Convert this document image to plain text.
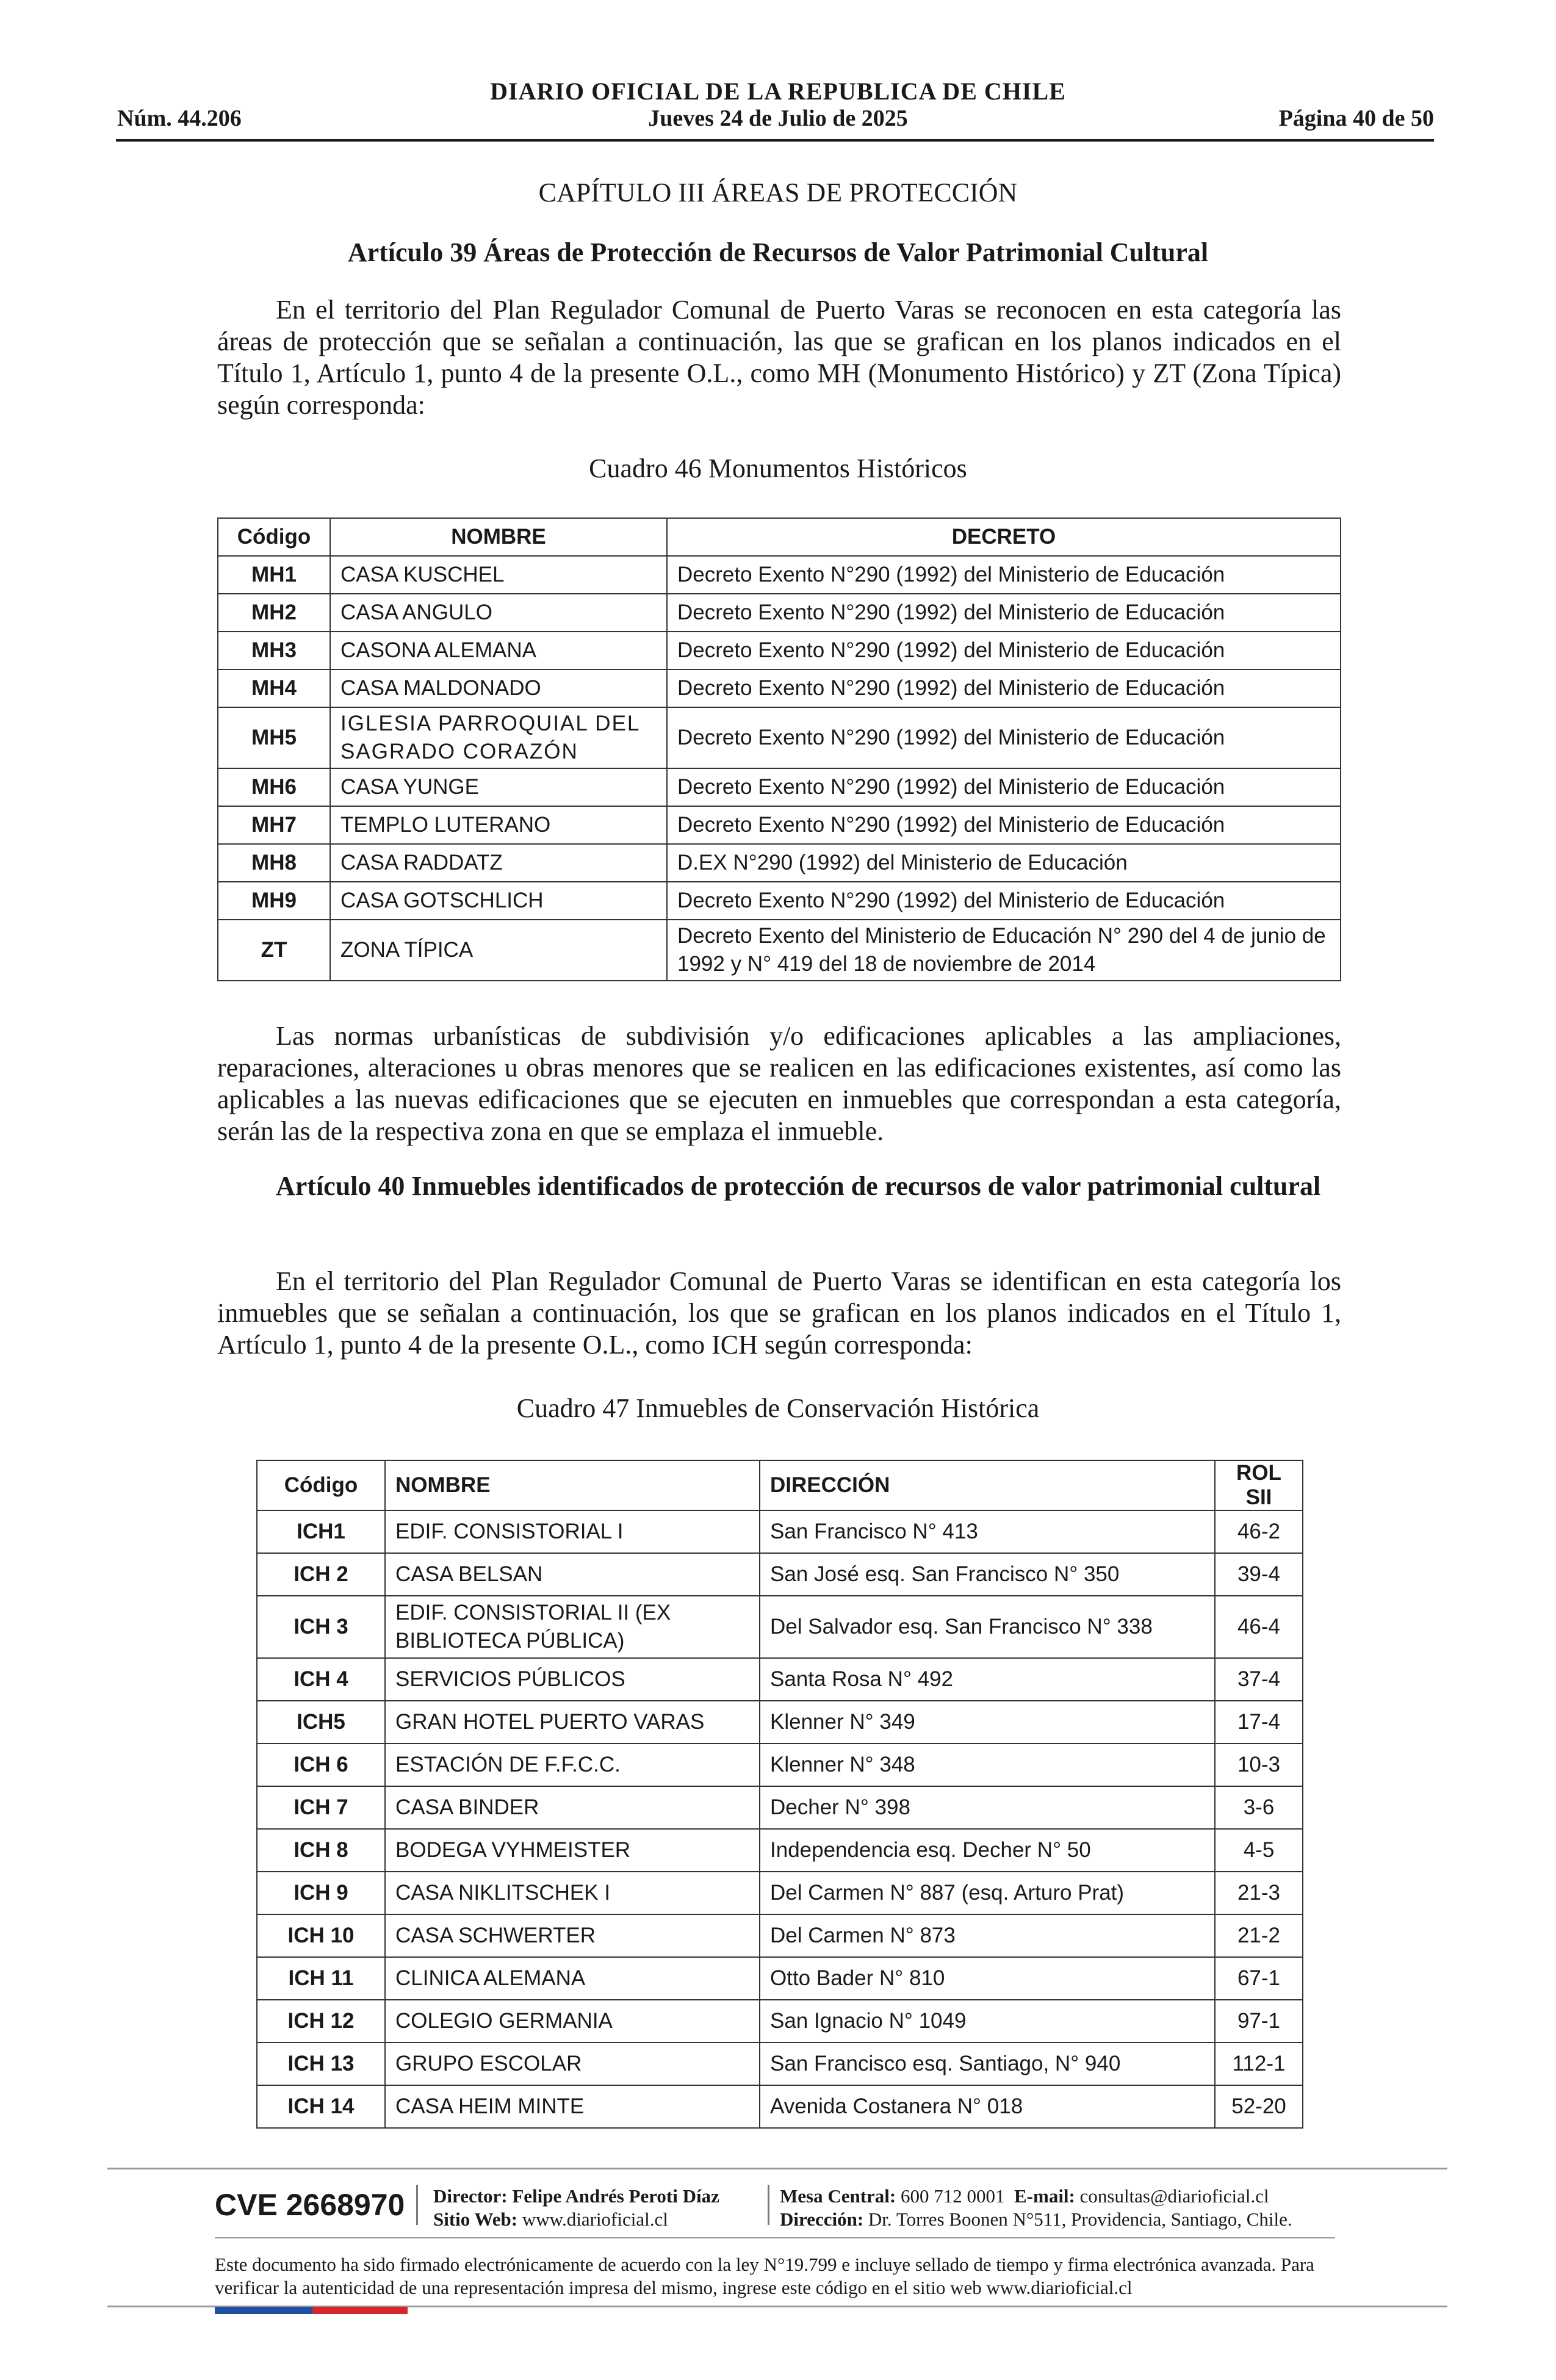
DIARIO OFICIAL DE LA REPUBLICA DE CHILE
Núm. 44.206	Jueves 24 de Julio de 2025	Página 40 de 50
CAPÍTULO III ÁREAS DE PROTECCIÓN
Artículo 39 Áreas de Protección de Recursos de Valor Patrimonial Cultural
En el territorio del Plan Regulador Comunal de Puerto Varas se reconocen en esta categoría las áreas de protección que se señalan a continuación, las que se grafican en los planos indicados en el Título 1, Artículo 1, punto 4 de la presente O.L., como MH (Monumento Histórico) y ZT (Zona Típica) según corresponda:
Cuadro 46 Monumentos Históricos
Código	NOMBRE	DECRETO
MH1	CASA KUSCHEL	Decreto Exento N°290 (1992) del Ministerio de Educación
MH2	CASA ANGULO	Decreto Exento N°290 (1992) del Ministerio de Educación
MH3	CASONA ALEMANA	Decreto Exento N°290 (1992) del Ministerio de Educación
MH4	CASA MALDONADO	Decreto Exento N°290 (1992) del Ministerio de Educación
MH5	IGLESIA PARROQUIAL DEL SAGRADO CORAZÓN	Decreto Exento N°290 (1992) del Ministerio de Educación
MH6	CASA YUNGE	Decreto Exento N°290 (1992) del Ministerio de Educación
MH7	TEMPLO LUTERANO	Decreto Exento N°290 (1992) del Ministerio de Educación
MH8	CASA RADDATZ	D.EX N°290 (1992) del Ministerio de Educación
MH9	CASA GOTSCHLICH	Decreto Exento N°290 (1992) del Ministerio de Educación
ZT	ZONA TÍPICA	Decreto Exento del Ministerio de Educación N° 290 del 4 de junio de 1992 y N° 419 del 18 de noviembre de 2014
Las normas urbanísticas de subdivisión y/o edificaciones aplicables a las ampliaciones, reparaciones, alteraciones u obras menores que se realicen en las edificaciones existentes, así como las aplicables a las nuevas edificaciones que se ejecuten en inmuebles que correspondan a esta categoría, serán las de la respectiva zona en que se emplaza el inmueble.
Artículo 40 Inmuebles identificados de protección de recursos de valor patrimonial cultural
En el territorio del Plan Regulador Comunal de Puerto Varas se identifican en esta categoría los inmuebles que se señalan a continuación, los que se grafican en los planos indicados en el Título 1, Artículo 1, punto 4 de la presente O.L., como ICH según corresponda:
Cuadro 47 Inmuebles de Conservación Histórica
Código	NOMBRE	DIRECCIÓN	ROL SII
ICH1	EDIF. CONSISTORIAL I	San Francisco N° 413	46-2
ICH 2	CASA BELSAN	San José esq. San Francisco N° 350	39-4
ICH 3	EDIF. CONSISTORIAL II (EX BIBLIOTECA PÚBLICA)	Del Salvador esq. San Francisco N° 338	46-4
ICH 4	SERVICIOS PÚBLICOS	Santa Rosa N° 492	37-4
ICH5	GRAN HOTEL PUERTO VARAS	Klenner N° 349	17-4
ICH 6	ESTACIÓN DE F.F.C.C.	Klenner N° 348	10-3
ICH 7	CASA BINDER	Decher N° 398	3-6
ICH 8	BODEGA VYHMEISTER	Independencia esq. Decher N° 50	4-5
ICH 9	CASA NIKLITSCHEK I	Del Carmen N° 887 (esq. Arturo Prat)	21-3
ICH 10	CASA SCHWERTER	Del Carmen N° 873	21-2
ICH 11	CLINICA ALEMANA	Otto Bader N° 810	67-1
ICH 12	COLEGIO GERMANIA	San Ignacio N° 1049	97-1
ICH 13	GRUPO ESCOLAR	San Francisco esq. Santiago, N° 940	112-1
ICH 14	CASA HEIM MINTE	Avenida Costanera N° 018	52-20
CVE 2668970 Director: Felipe Andrés Peroti Díaz
Sitio Web: www.diarioficial.cl
Mesa Central: 600 712 0001 E-mail: consultas@diarioficial.cl
Dirección: Dr. Torres Boonen N°511, Providencia, Santiago, Chile.
Este documento ha sido firmado electrónicamente de acuerdo con la ley N°19.799 e incluye sellado de tiempo y firma electrónica avanzada. Para verificar la autenticidad de una representación impresa del mismo, ingrese este código en el sitio web www.diarioficial.cl
